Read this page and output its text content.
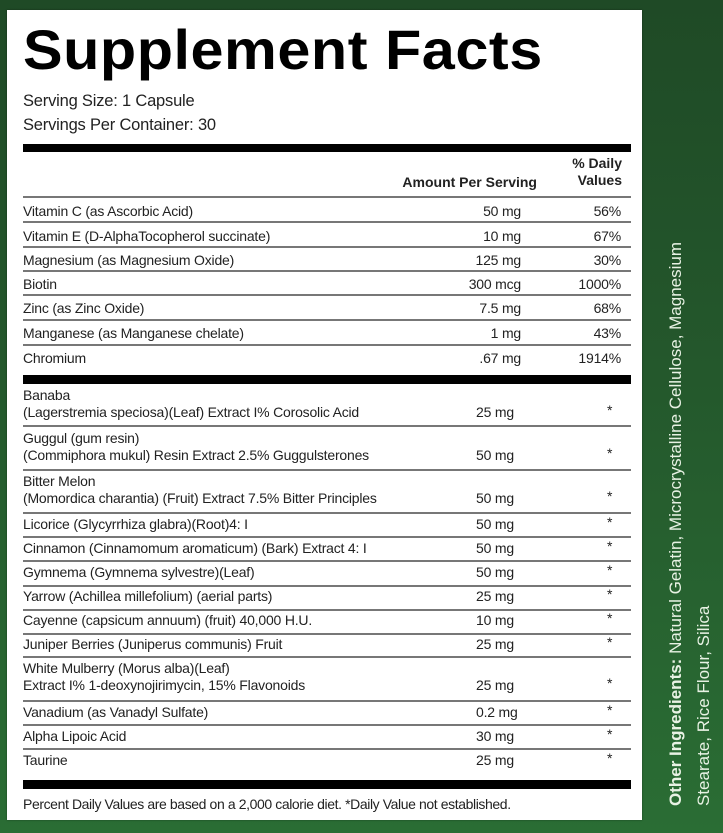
Supplement Facts
Serving Size: 1 Capsule
Servings Per Container: 30
Amount Per Serving
% Daily
Values
Vitamin C (as Ascorbic Acid)	50 mg	56%
Vitamin E (D-AlphaTocopherol succinate)	10 mg	67%
Magnesium (as Magnesium Oxide)	125 mg	30%
Biotin	300 mcg	1000%
Zinc (as Zinc Oxide)	7.5 mg	68%
Manganese (as Manganese chelate)	1 mg	43%
Chromium	.67 mg	1914%
Banaba
(Lagerstremia speciosa)(Leaf) Extract I% Corosolic Acid	25 mg	*
Guggul (gum resin)
(Commiphora mukul) Resin Extract 2.5% Guggulsterones	50 mg	*
Bitter Melon
(Momordica charantia) (Fruit) Extract 7.5% Bitter Principles	50 mg	*
Licorice (Glycyrrhiza glabra)(Root)4: I	50 mg	*
Cinnamon (Cinnamomum aromaticum) (Bark) Extract 4: I	50 mg	*
Gymnema (Gymnema sylvestre)(Leaf)	50 mg	*
Yarrow (Achillea millefolium) (aerial parts)	25 mg	*
Cayenne (capsicum annuum) (fruit) 40,000 H.U.	10 mg	*
Juniper Berries (Juniperus communis) Fruit	25 mg	*
White Mulberry (Morus alba)(Leaf)
Extract I% 1-deoxynojirimycin, 15% Flavonoids	25 mg	*
Vanadium (as Vanadyl Sulfate)	0.2 mg	*
Alpha Lipoic Acid	30 mg	*
Taurine	25 mg	*
Percent Daily Values are based on a 2,000 calorie diet. *Daily Value not established.	Other Ingredients: Natural Gelatin, Microcrystalline Cellulose, Magnesium
Stearate, Rice Flour, Silica
